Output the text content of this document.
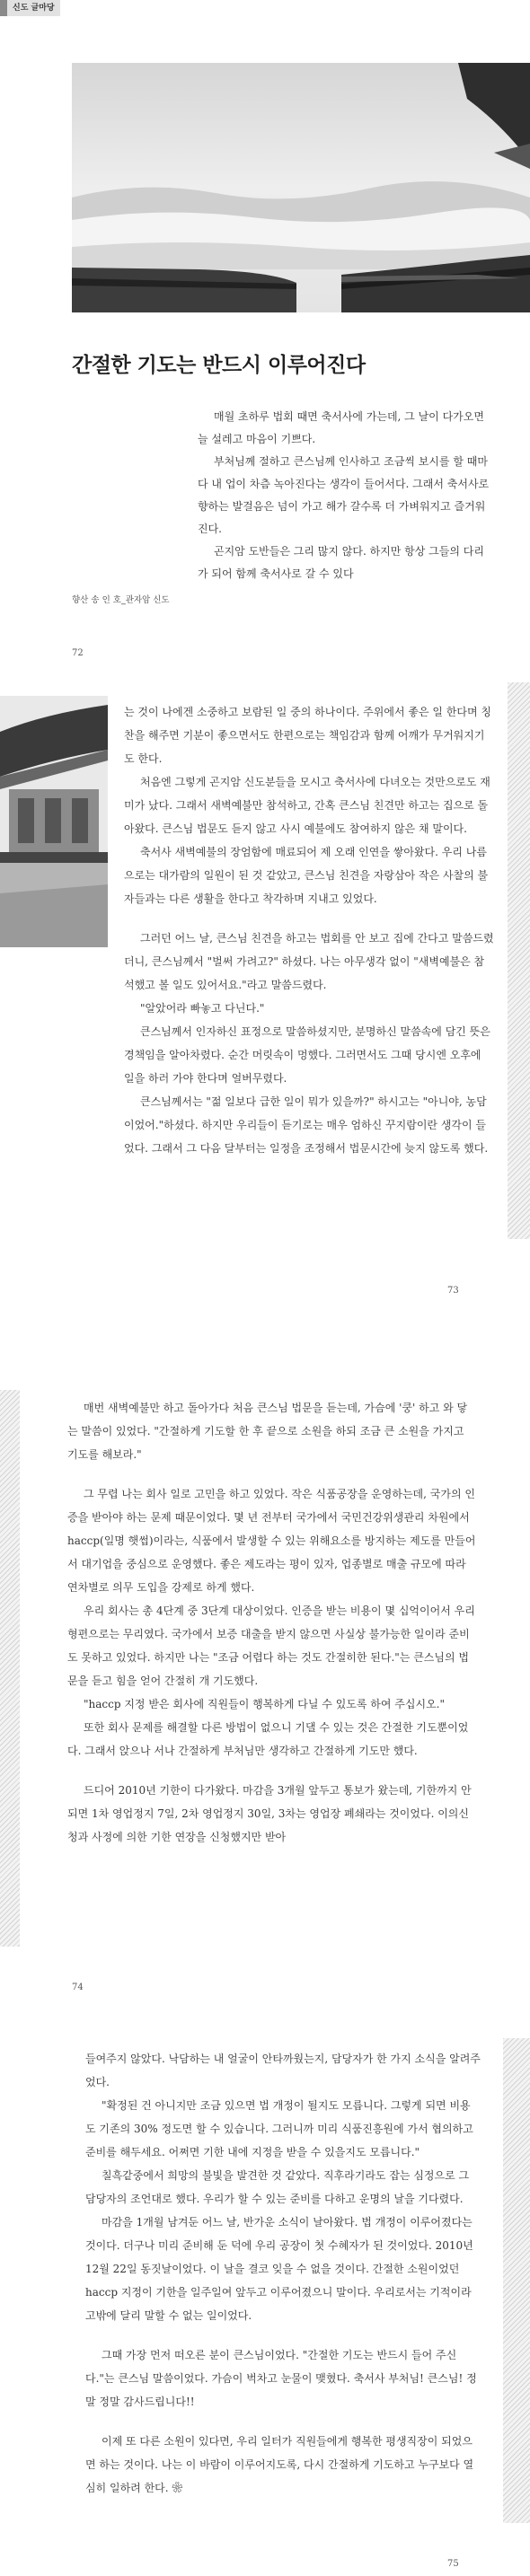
신도 글마당
간절한 기도는 반드시 이루어진다

매월 초하루 법회 때면 축서사에 가는데, 그 날이 다가오면 늘 설레고 마음이 기쁘다.

부처님께 절하고 큰스님께 인사하고 조금씩 보시를 할 때마다 내 업이 차츰 녹아진다는 생각이 들어서다. 그래서 축서사로 향하는 발걸음은 넘이 가고 해가 갈수록 더 가벼워지고 즐거워진다.

곤지암 도반들은 그리 많지 않다. 하지만 항상 그들의 다리가 되어 함께 축서사로 갈 수 있다

향산 송 인 호_관자암 신도
72

는 것이 나에겐 소중하고 보람된 일 중의 하나이다. 주위에서 좋은 일 한다며 칭찬을 해주면 기분이 좋으면서도 한편으로는 책임감과 함께 어깨가 무거워지기도 한다.

처음엔 그렇게 곤지암 신도분들을 모시고 축서사에 다녀오는 것만으로도 재미가 났다. 그래서 새벽예불만 참석하고, 간혹 큰스님 친견만 하고는 집으로 돌아왔다. 큰스님 법문도 듣지 않고 사시 예불에도 참여하지 않은 채 말이다.

축서사 새벽예불의 장엄함에 매료되어 제 오래 인연을 쌓아왔다. 우리 나름으로는 대가람의 일원이 된 것 같았고, 큰스님 친견을 자랑삼아 작은 사찰의 불자들과는 다른 생활을 한다고 착각하며 지내고 있었다.

그러던 어느 날, 큰스님 친견을 하고는 법회를 안 보고 집에 간다고 말씀드렸더니, 큰스님께서 "벌써 가려고?" 하셨다. 나는 아무생각 없이 "새벽예불은 참석했고 볼 일도 있어서요."라고 말씀드렸다.

"알았어라 빠놓고 다닌다."

큰스님께서 인자하신 표정으로 말씀하셨지만, 분명하신 말씀속에 담긴 뜻은 경책임을 알아차렸다. 순간 머릿속이 멍했다. 그러면서도 그때 당시엔 오후에 일을 하러 가야 한다며 얼버무렸다.

큰스님께서는 "젊 일보다 급한 일이 뭐가 있을까?" 하시고는 "아니야, 농담이었어."하셨다. 하지만 우리들이 듣기로는 매우 엄하신 꾸지람이란 생각이 들었다. 그래서 그 다음 달부터는 일정을 조정해서 법문시간에 늦지 않도록 했다.

73

매번 새벽예불만 하고 돌아가다 처음 큰스님 법문을 듣는데, 가슴에 '쿵' 하고 와 닿는 말씀이 있었다. "간절하게 기도할 한 후 끝으로 소원을 하되 조금 큰 소원을 가지고 기도를 해보라."

그 무렵 나는 회사 일로 고민을 하고 있었다. 작은 식품공장을 운영하는데, 국가의 인증을 받아야 하는 문제 때문이었다. 몇 년 전부터 국가에서 국민건강위생관리 차원에서 haccp(일명 햇썹)이라는, 식품에서 발생할 수 있는 위해요소를 방지하는 제도를 만들어서 대기업을 중심으로 운영했다. 좋은 제도라는 평이 있자, 업종별로 매출 규모에 따라 연차별로 의무 도입을 강제로 하게 했다.

우리 회사는 총 4단계 중 3단계 대상이었다. 인증을 받는 비용이 몇 십억이어서 우리 형편으로는 무리였다. 국가에서 보증 대출을 받지 않으면 사실상 불가능한 일이라 준비도 못하고 있었다. 하지만 나는 "조금 어렵다 하는 것도 간절히한 된다."는 큰스님의 법문을 듣고 힘을 얻어 간절히 개 기도했다.

"haccp 지정 받은 회사에 직원들이 행복하게 다닐 수 있도록 하여 주십시오."

또한 회사 문제를 해결할 다른 방법이 없으니 기댈 수 있는 것은 간절한 기도뿐이었다. 그래서 앉으나 서나 간절하게 부처님만 생각하고 간절하게 기도만 했다.

드디어 2010년 기한이 다가왔다. 마감을 3개월 앞두고 통보가 왔는데, 기한까지 안 되면 1차 영업정지 7일, 2차 영업정지 30일, 3차는 영업장 폐쇄라는 것이었다. 이의신청과 사정에 의한 기한 연장을 신청했지만 받아

74

들여주지 않았다. 낙담하는 내 얼굴이 안타까웠는지, 담당자가 한 가지 소식을 알려주었다.

"확정된 건 아니지만 조금 있으면 법 개정이 될지도 모릅니다. 그렇게 되면 비용도 기존의 30% 정도면 할 수 있습니다. 그러니까 미리 식품진흥원에 가서 협의하고 준비를 해두세요. 어쩌면 기한 내에 지정을 받을 수 있을지도 모릅니다."

칠흑같중에서 희망의 불빛을 발견한 것 같았다. 직후라기라도 잡는 심정으로 그 담당자의 조언대로 했다. 우리가 할 수 있는 준비를 다하고 운명의 날을 기다렸다.

마감을 1개월 남겨둔 어느 날, 반가운 소식이 날아왔다. 법 개정이 이루어졌다는 것이다. 더구나 미리 준비해 둔 덕에 우리 공장이 첫 수혜자가 된 것이었다. 2010년 12월 22일 동짓날이었다. 이 날을 결코 잊을 수 없을 것이다. 간절한 소원이었던 haccp 지정이 기한을 일주일여 앞두고 이루어졌으니 말이다. 우리로서는 기적이라고밖에 달리 말할 수 없는 일이었다.

그때 가장 먼저 떠오른 분이 큰스님이었다. "간절한 기도는 반드시 들어 주신다."는 큰스님 말씀이었다. 가슴이 벅차고 눈물이 맺혔다. 축서사 부처님! 큰스님! 정말 정말 감사드립니다!!

이제 또 다른 소원이 있다면, 우리 일터가 직원들에게 행복한 평생직장이 되었으면 하는 것이다. 나는 이 바람이 이루어지도록, 다시 간절하게 기도하고 누구보다 열심히 일하려 한다. ❀

75
